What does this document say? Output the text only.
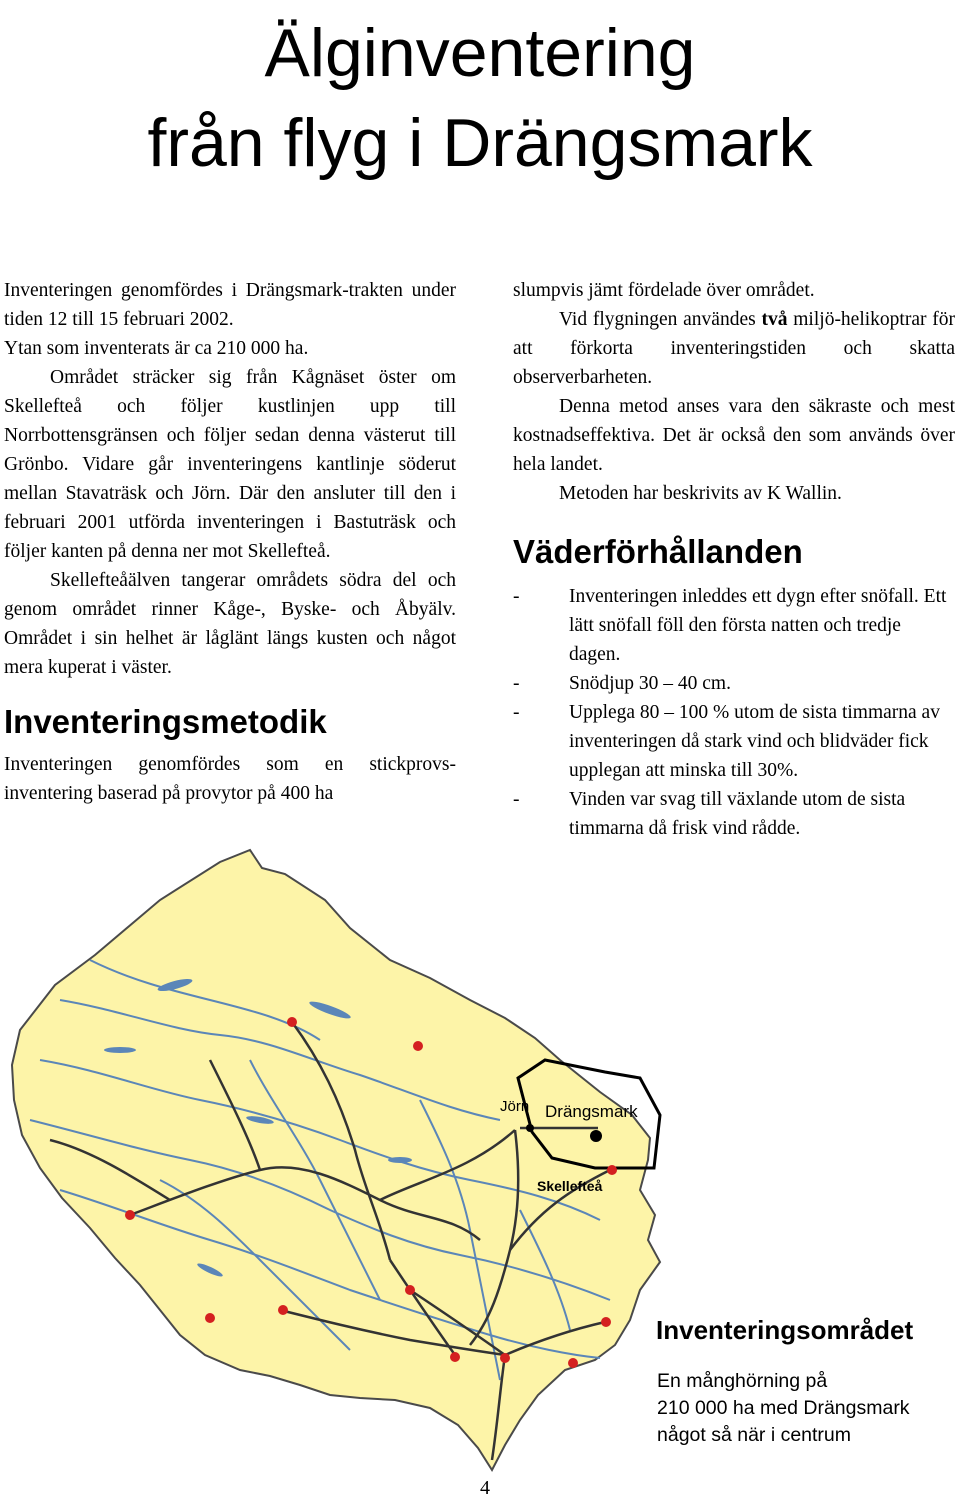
Älginventering
från flyg i Drängsmark

Inventeringen genomfördes i Drängsmark-trakten under tiden 12 till 15 februari 2002.

Ytan som inventerats är ca 210 000 ha.

Området sträcker sig från Kågnäset öster om Skellefteå och följer kustlinjen upp till Norrbottensgränsen och följer sedan denna västerut till Grönbo. Vidare går inventeringens kantlinje söderut mellan Stavaträsk och Jörn. Där den ansluter till den i februari 2001 utförda inventeringen i Bastuträsk och följer kanten på denna ner mot Skellefteå.

Skellefteåälven tangerar områdets södra del och genom området rinner Kåge-, Byske- och Åbyälv. Området i sin helhet är låglänt längs kusten och något mera kuperat i väster.

Inventeringsmetodik

Inventeringen genomfördes som en stickprovs-inventering baserad på provytor på 400 ha

slumpvis jämt fördelade över området.

Vid flygningen användes två miljö-helikoptrar för att förkorta inventeringstiden och skatta observerbarheten.

Denna metod anses vara den säkraste och mest kostnadseffektiva. Det är också den som används över hela landet.

Metoden har beskrivits av K Wallin.

Väderförhållanden
-	Inventeringen inleddes ett dygn efter snöfall. Ett lätt snöfall föll den första natten och tredje dagen.
-	Snödjup 30 – 40 cm.
-	Upplega 80 – 100 % utom de sista timmarna av inventeringen då stark vind och blidväder fick upplegan att minska till 30%.
-	Vinden var svag till växlande utom de sista timmarna då frisk vind rådde.
Jörn Drängsmark
Skellefteå
Inventeringsområdet

En månghörning på
210 000 ha med Drängsmark
något så när i centrum

4
